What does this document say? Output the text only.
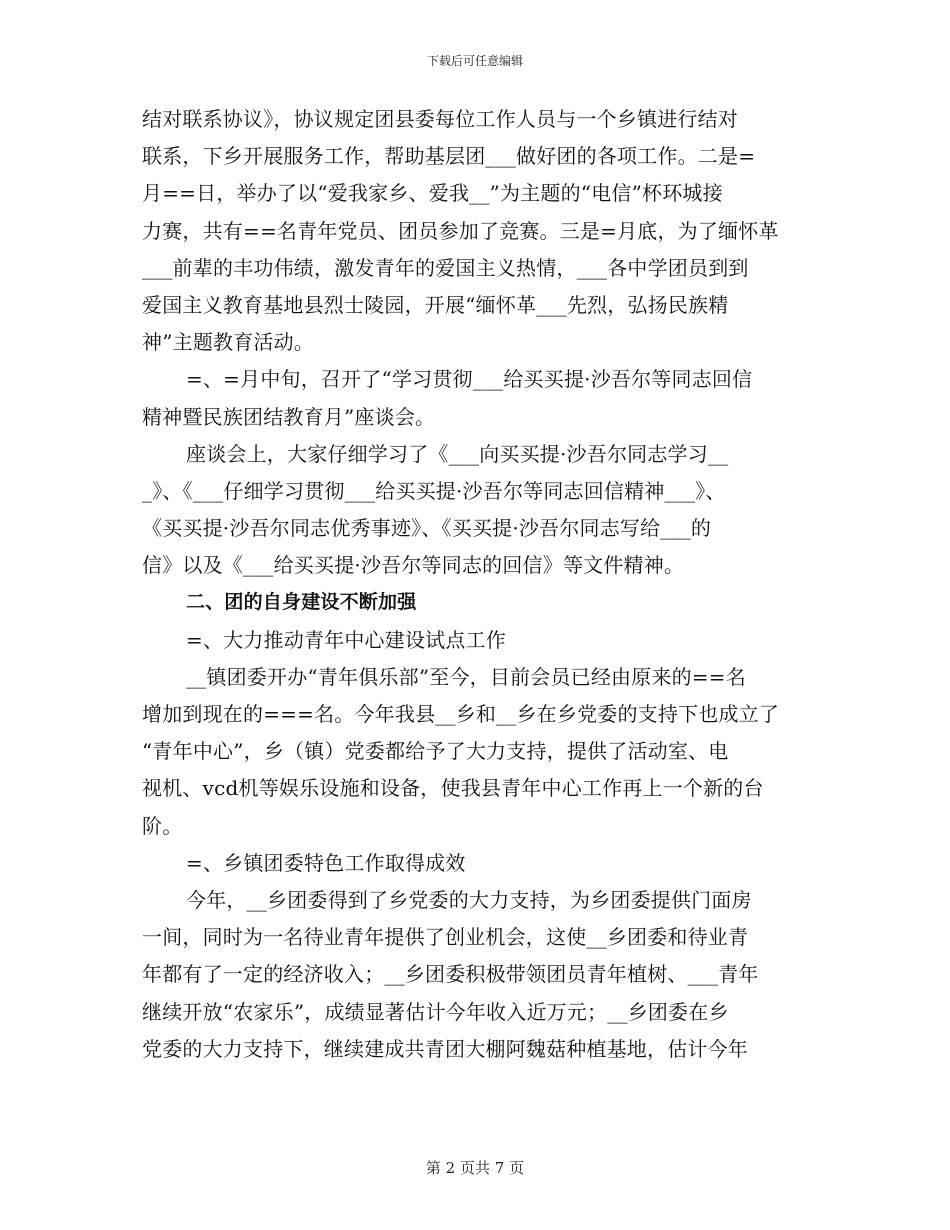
下载后可任意编辑
结对联系协议》，协议规定团县委每位工作人员与一个乡镇进行结对
联系，下乡开展服务工作，帮助基层团___做好团的各项工作。二是=
月==日，举办了以“爱我家乡、爱我__”为主题的“电信”杯环城接
力赛，共有==名青年党员、团员参加了竞赛。三是=月底，为了缅怀革
___前辈的丰功伟绩，激发青年的爱国主义热情，___各中学团员到到
爱国主义教育基地县烈士陵园，开展“缅怀革___先烈，弘扬民族精
神”主题教育活动。
=、=月中旬，召开了“学习贯彻___给买买提·沙吾尔等同志回信
精神暨民族团结教育月”座谈会。
座谈会上，大家仔细学习了《___向买买提·沙吾尔同志学习__
_》、《___仔细学习贯彻___给买买提·沙吾尔等同志回信精神___》、
《买买提·沙吾尔同志优秀事迹》、《买买提·沙吾尔同志写给___的
信》以及《___给买买提·沙吾尔等同志的回信》等文件精神。
二、团的自身建设不断加强
=、大力推动青年中心建设试点工作
__镇团委开办“青年俱乐部”至今，目前会员已经由原来的==名
增加到现在的===名。今年我县__乡和__乡在乡党委的支持下也成立了
“青年中心”，乡（镇）党委都给予了大力支持，提供了活动室、电
视机、vcd机等娱乐设施和设备，使我县青年中心工作再上一个新的台
阶。
=、乡镇团委特色工作取得成效
今年，__乡团委得到了乡党委的大力支持，为乡团委提供门面房
一间，同时为一名待业青年提供了创业机会，这使__乡团委和待业青
年都有了一定的经济收入；__乡团委积极带领团员青年植树、___青年
继续开放“农家乐”，成绩显著估计今年收入近万元；__乡团委在乡
党委的大力支持下，继续建成共青团大棚阿魏菇种植基地，估计今年
第 2 页共 7 页
